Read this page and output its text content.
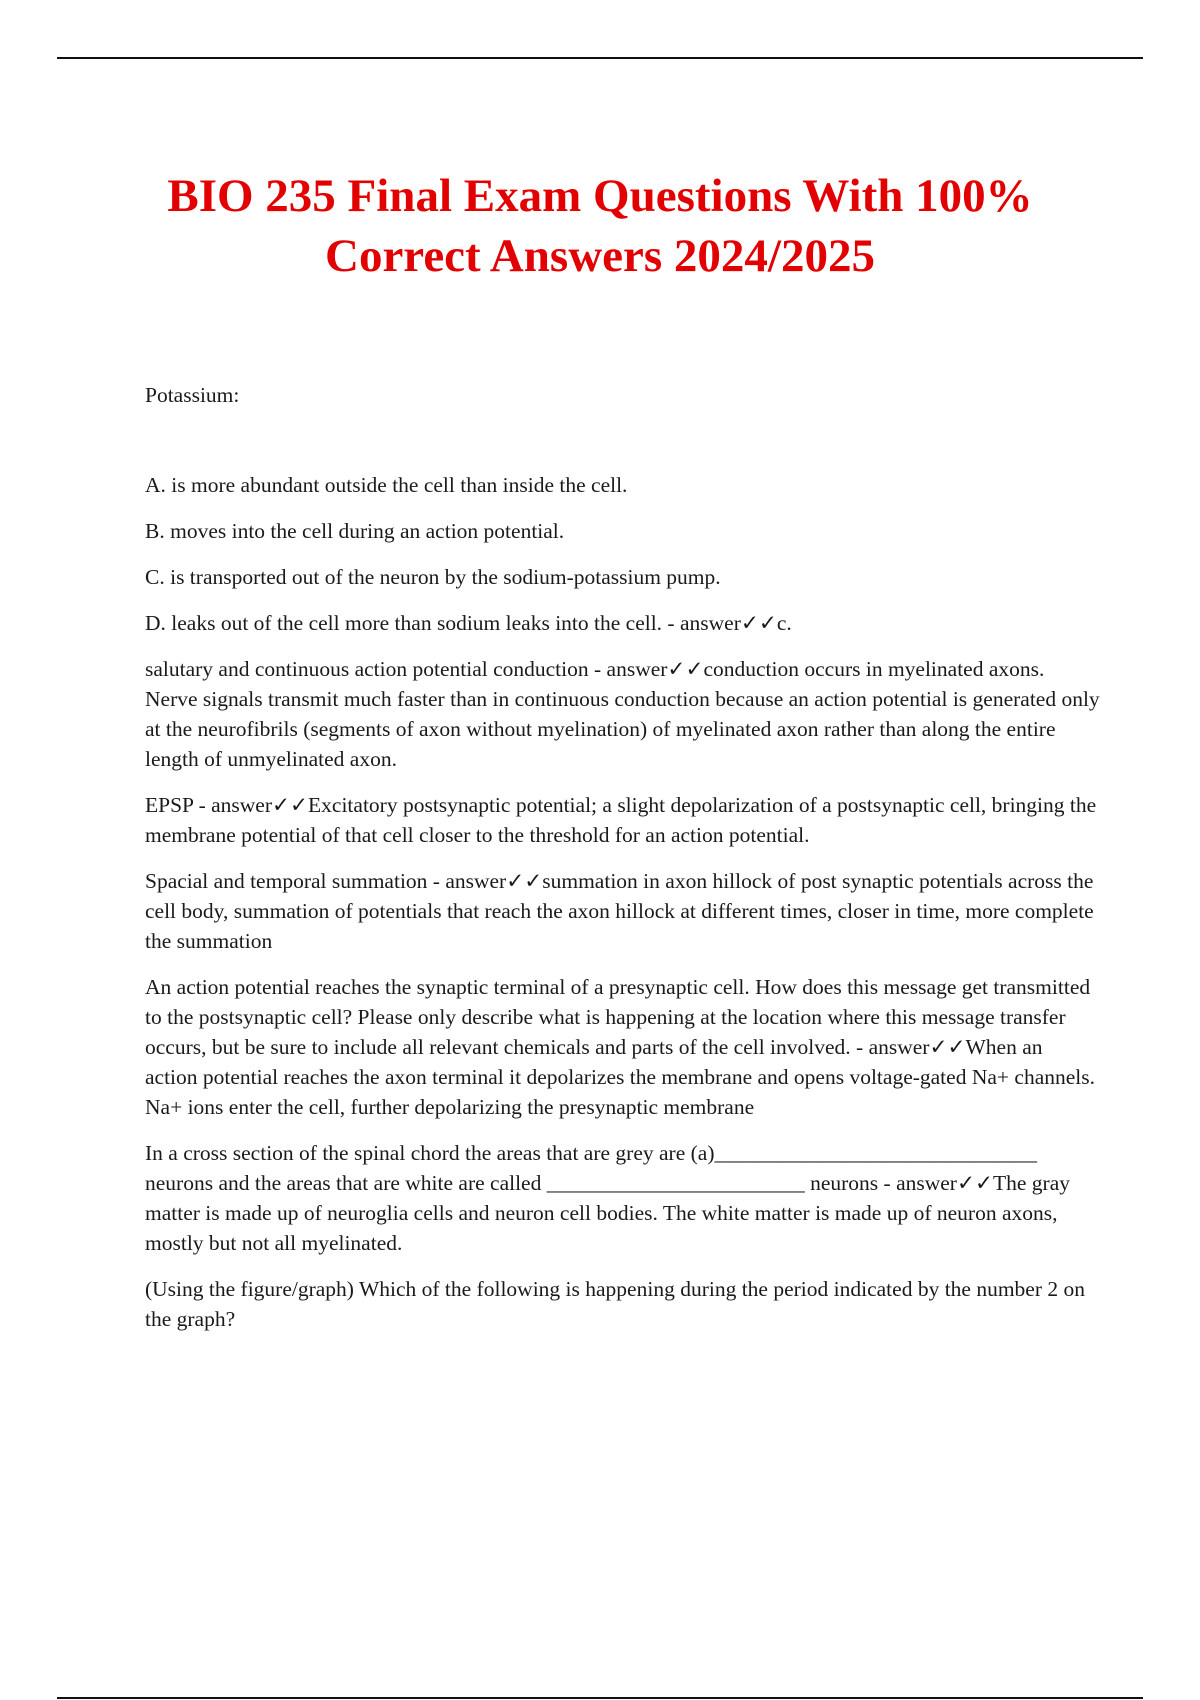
BIO 235 Final Exam Questions With 100%
Correct Answers 2024/2025

Potassium:

A. is more abundant outside the cell than inside the cell.

B. moves into the cell during an action potential.

C. is transported out of the neuron by the sodium-potassium pump.

D. leaks out of the cell more than sodium leaks into the cell. - answer✓✓c.

salutary and continuous action potential conduction - answer✓✓conduction occurs in myelinated axons. Nerve signals transmit much faster than in continuous conduction because an action potential is generated only at the neurofibrils (segments of axon without myelination) of myelinated axon rather than along the entire length of unmyelinated axon.

EPSP - answer✓✓Excitatory postsynaptic potential; a slight depolarization of a postsynaptic cell, bringing the membrane potential of that cell closer to the threshold for an action potential.

Spacial and temporal summation - answer✓✓summation in axon hillock of post synaptic potentials across the cell body, summation of potentials that reach the axon hillock at different times, closer in time, more complete the summation

An action potential reaches the synaptic terminal of a presynaptic cell. How does this message get transmitted to the postsynaptic cell? Please only describe what is happening at the location where this message transfer occurs, but be sure to include all relevant chemicals and parts of the cell involved. - answer✓✓When an action potential reaches the axon terminal it depolarizes the membrane and opens voltage-gated Na+ channels. Na+ ions enter the cell, further depolarizing the presynaptic membrane

In a cross section of the spinal chord the areas that are grey are (a)______________________________ neurons and the areas that are white are called ________________________ neurons - answer✓✓The gray matter is made up of neuroglia cells and neuron cell bodies. The white matter is made up of neuron axons, mostly but not all myelinated.

(Using the figure/graph) Which of the following is happening during the period indicated by the number 2 on the graph?
